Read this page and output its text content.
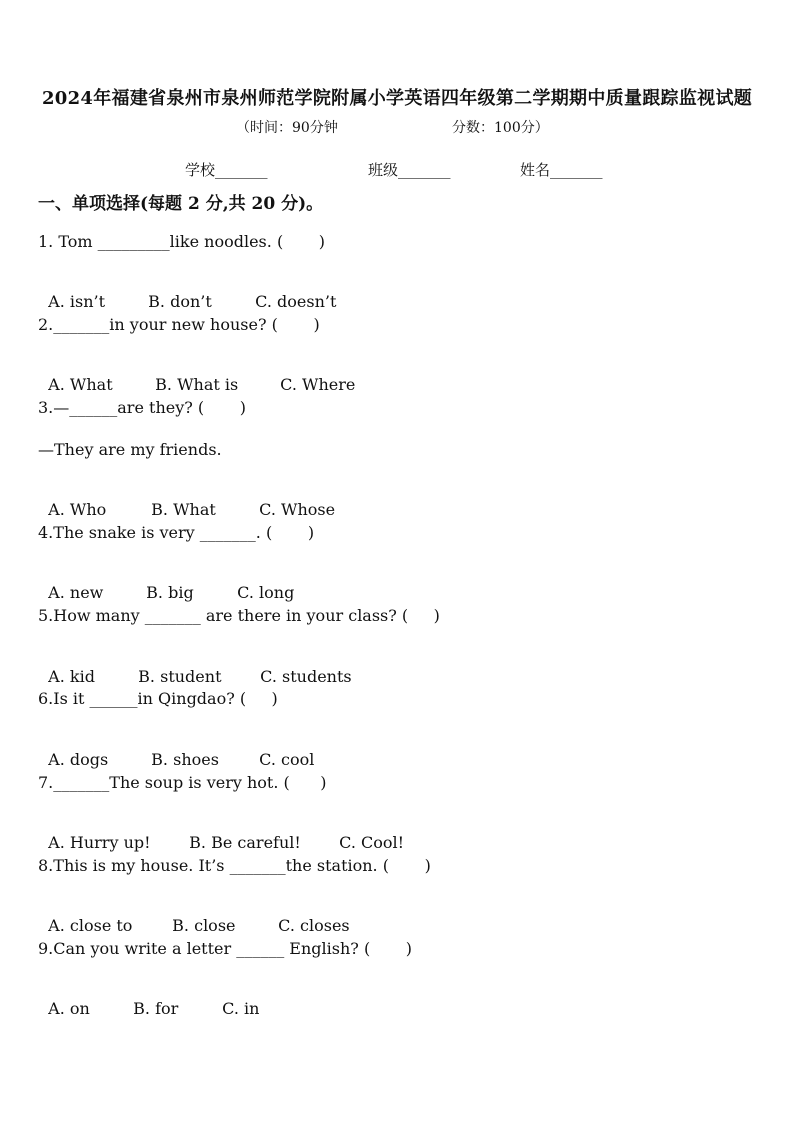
2024年福建省泉州市泉州师范学院附属小学英语四年级第二学期期中质量跟踪监视试题
（时间：90分钟	分数：100分）
学校_______	班级_______	姓名_______
一、单项选择(每题 2 分,共 20 分)。
1. Tom _________like noodles. (       )

A. isn’t	B. don’t	C. doesn’t

2._______in your new house? (       )

A. What	B. What is	C. Where

3.—______are they? (       )
—They are my friends.

A. Who	B. What	C. Whose

4.The snake is very _______. (       )

A. new	B. big	C. long

5.How many _______ are there in your class? (     )

A. kid	B. student C. students

6.Is it ______in Qingdao? (     )

A. dogs	B. shoes	C. cool

7._______The soup is very hot. (      )

A. Hurry up! B. Be careful! C. Cool!

8.This is my house. It’s _______the station. (       )

A. close to B. close	C. closes

9.Can you write a letter ______ English? (       )

A. on	B. for	C. in
